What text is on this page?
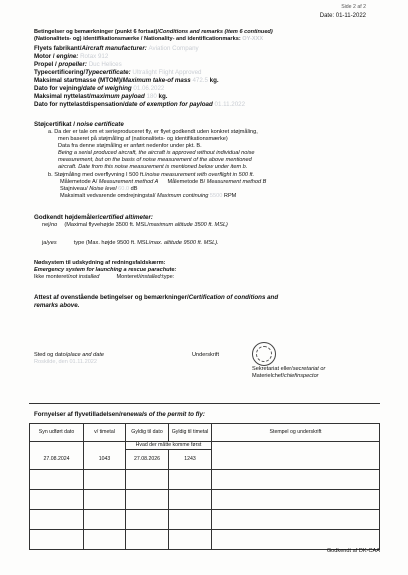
Side 2 af 2
Date: 01-11-2022
Betingelser og bemærkninger (punkt 6 fortsat)/Conditions and remarks (item 6 continued)
(Nationalitets- og) identifikationsmærke / Nationality- and identificationmarks: OY-XXX
Flyets fabrikant/Aircraft manufacturer: Aviation Company
Motor / engine: Rotax 912
Propel / propeller: Duc Helices
Typecertificering/Typecertificate: Ultralight Flight Approved
Maksimal startmasse (MTOM)/Maximum take-of mass 472.5 kg.
Dato for vejning/date of weighing 01.06.2022
Maksimal nyttelast/maximum payload 180 kg.
Dato for nyttelastdispensation/date of exemption for payload 01.11.2022
Støjcertifikat / noise certificate
a. Da der er tale om et serieproduceret fly, er flyet godkendt uden konkret støjmåling,
men baseret på støjmåling af (nationalitets- og identifikationsmærke)
Data fra denne støjmåling er anført nedenfor under pkt. B.
Being a serial produced aircraft, the aircraft is approved without individual noise
measurement, but on the basis of noise measurement of the above mentioned
aircraft. Date from this noise measurement is mentioned below under item b.
b. Støjmåling med overflyvning I 500 ft./noise measurement with overflight in 500 ft.
Målemetode A/ Measurement method A Målemetode B/ Measurement method B
Stajniveau/ Noise level 60.0 dB
Maksimalt vedvarende omdrejningstal/ Maximum continuing 5500 RPM
Godkendt højdemåler/certified altimeter:
nej/no (Maximal flyvehøjde 3500 ft. MSL/maximum altitude 3500 ft. MSL)
ja/yes	type (Max. højde 9500 ft. MSL/max. altitude 9500 ft. MSL).
Nødsystem til udskydning af redningsfaldskærm:
Emergency system for launching a rescue parachute:
Ikke monteret/not installed	Monteret/installed:type:
Attest af ovenstående betingelser og bemærkninger/Certification of conditions and
remarks above.
Sted og dato/place and date
Roskilde, den 01.11.2022
Underskrift
Sekretariat eller/secretariat or
Materielchef/chiefinspector
Fornyelser af flyvetilladelsen/renewals of the permit to fly:
Syn udført dato	v/ timetal	Gyldig til dato	Gyldig til timetal	Stempel og underskrift
		Hvad der måtte komme først		
27.08.2024	1043	27.08.2026	1243	

Godkendt af DK-CAA
